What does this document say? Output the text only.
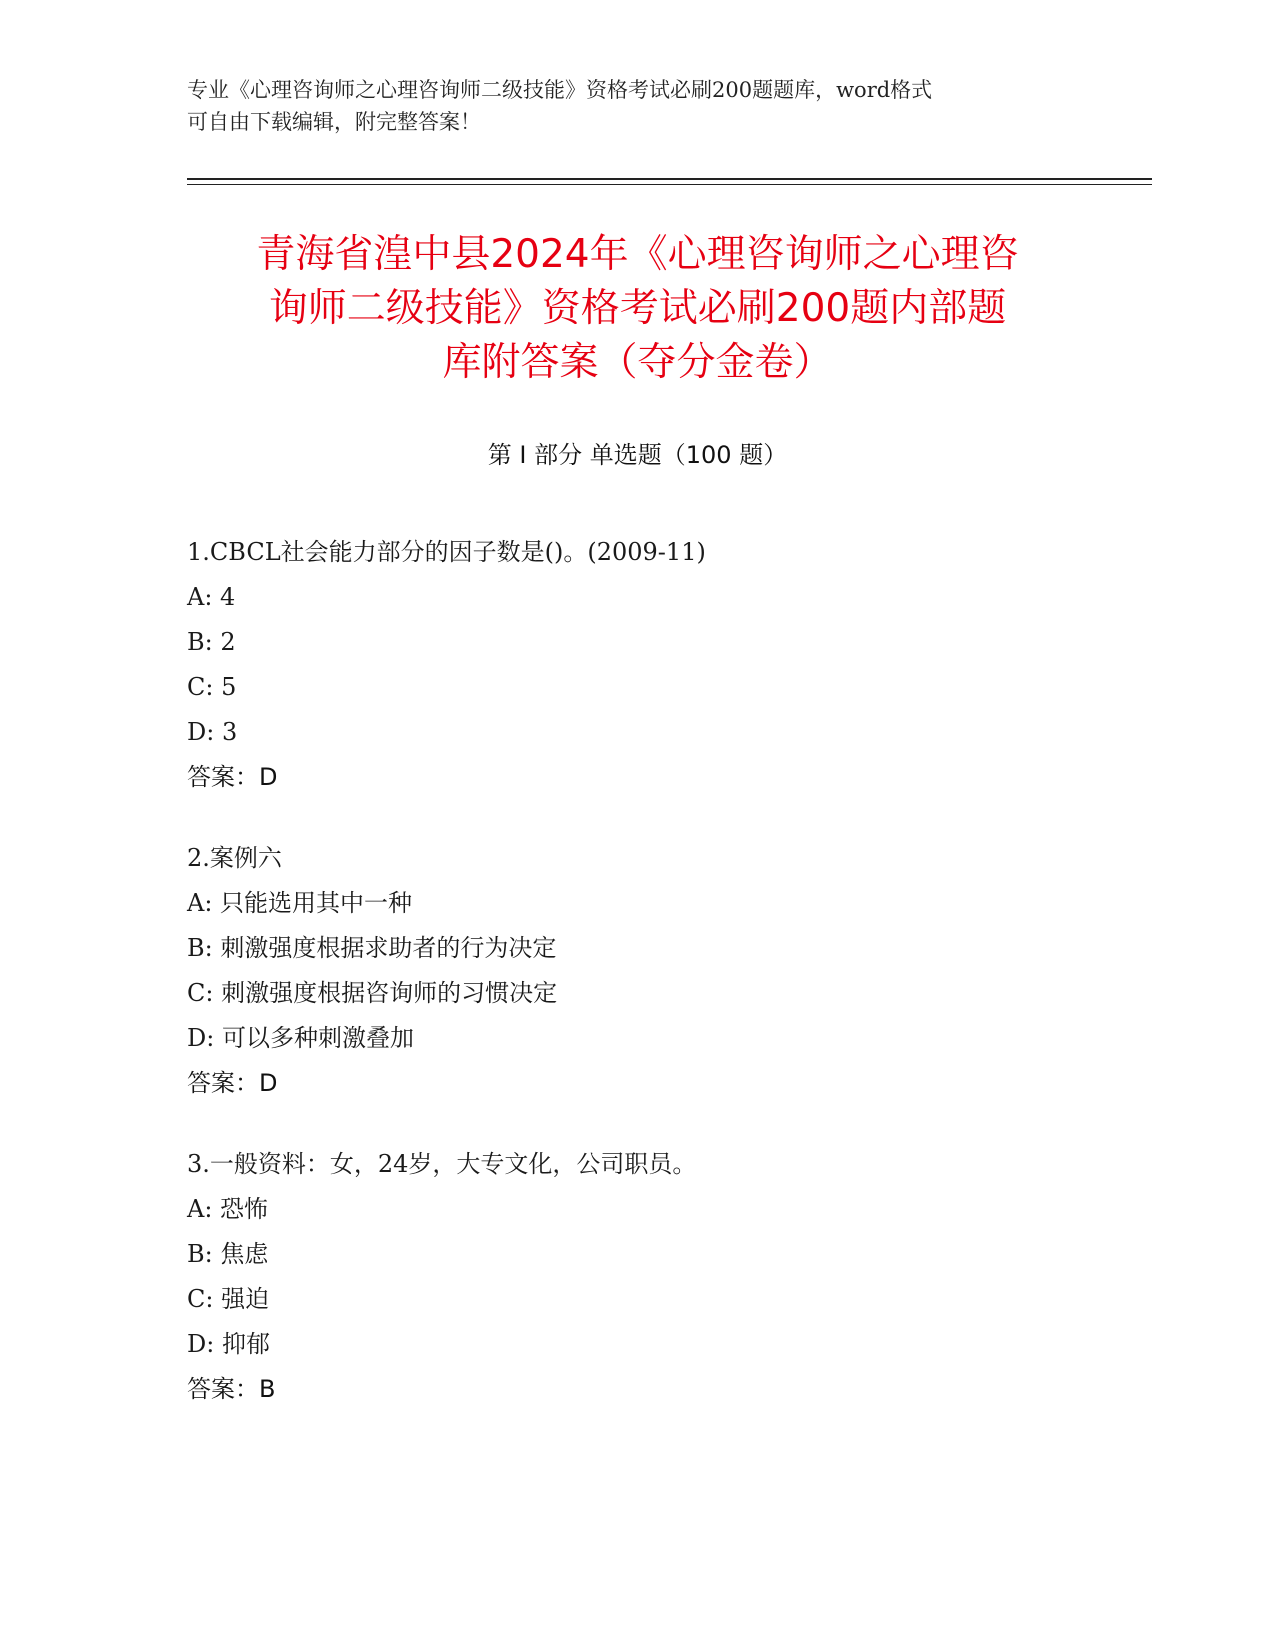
专业《心理咨询师之心理咨询师二级技能》资格考试必刷200题题库，word格式
可自由下载编辑，附完整答案！
青海省湟中县2024年《心理咨询师之心理咨
询师二级技能》资格考试必刷200题内部题
库附答案（夺分金卷）
第 I 部分 单选题（100 题）
1.CBCL社会能力部分的因子数是()。(2009-11)
A: 4
B: 2
C: 5
D: 3
答案：D
2.案例六
A: 只能选用其中一种
B: 刺激强度根据求助者的行为决定
C: 刺激强度根据咨询师的习惯决定
D: 可以多种刺激叠加
答案：D
3.一般资料：女，24岁，大专文化，公司职员。
A: 恐怖
B: 焦虑
C: 强迫
D: 抑郁
答案：B
